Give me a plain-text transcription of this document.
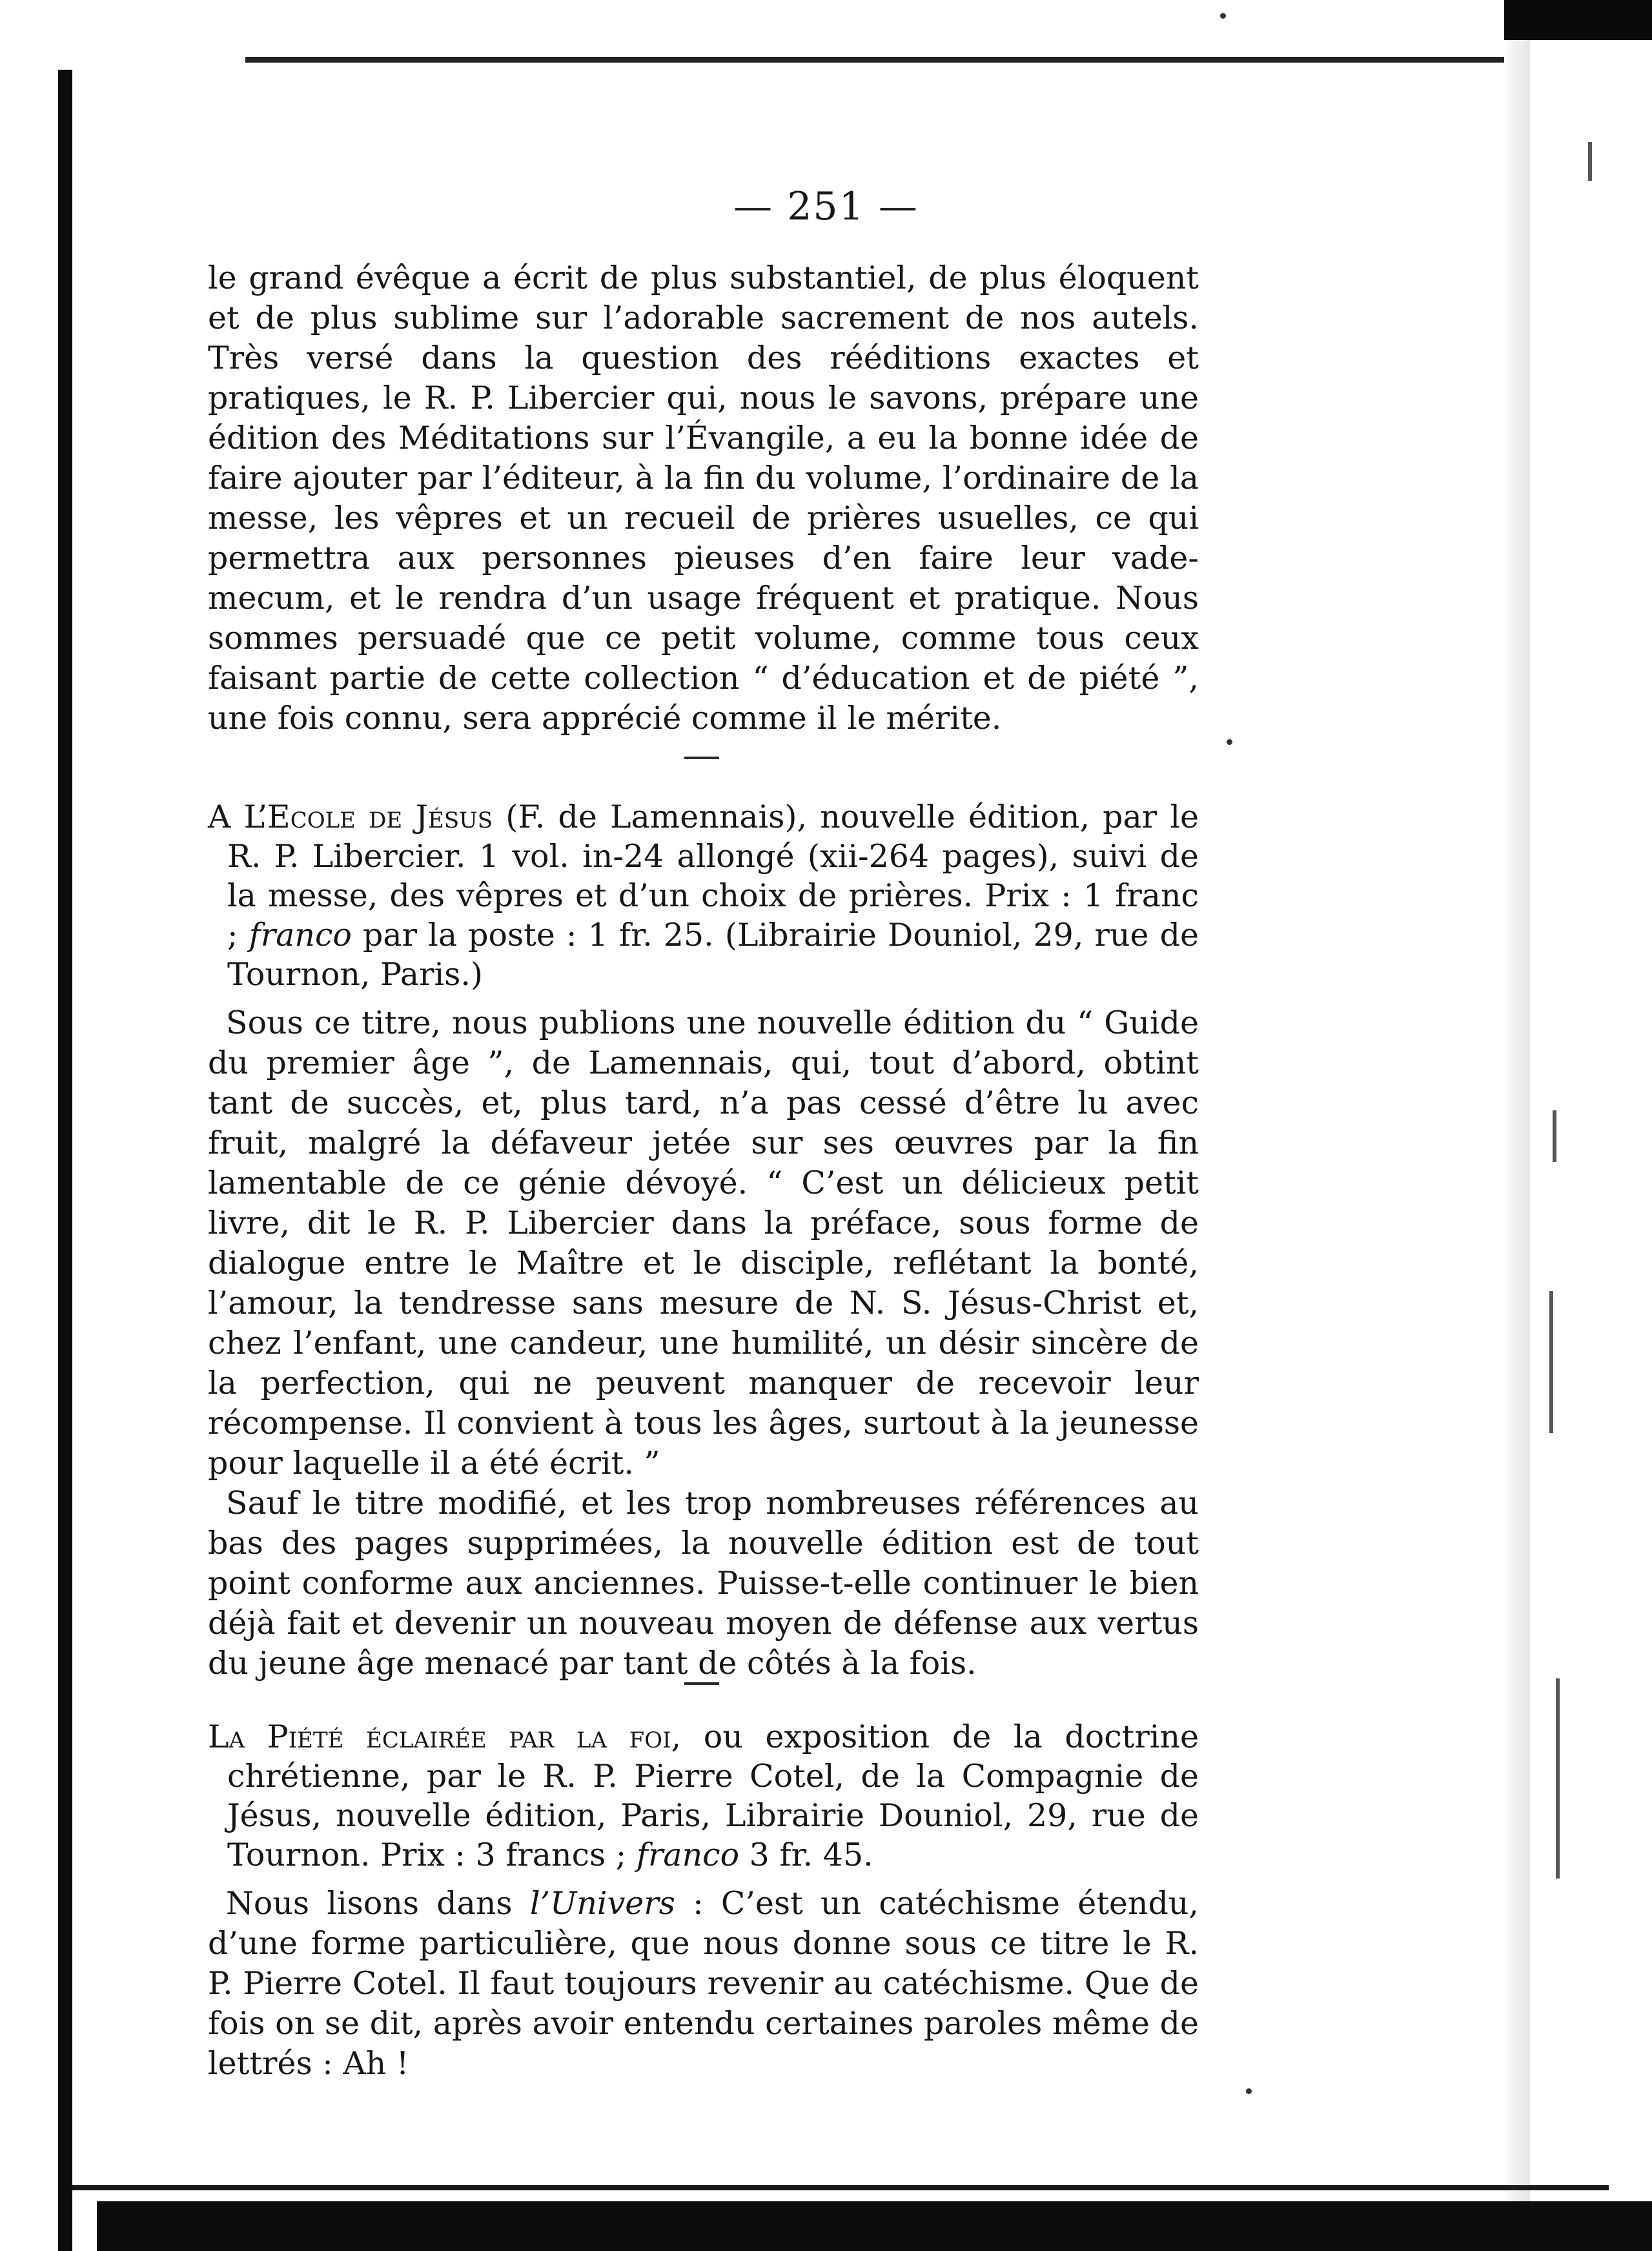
— 251 —

le grand évêque a écrit de plus substantiel, de plus éloquent et de plus sublime sur l’adorable sacrement de nos autels. Très versé dans la question des rééditions exactes et pratiques, le R. P. Libercier qui, nous le savons, prépare une édition des Méditations sur l’Évangile, a eu la bonne idée de faire ajouter par l’éditeur, à la fin du volume, l’ordinaire de la messe, les vêpres et un recueil de prières usuelles, ce qui permettra aux personnes pieuses d’en faire leur vade-mecum, et le rendra d’un usage fréquent et pratique. Nous sommes persuadé que ce petit volume, comme tous ceux faisant partie de cette collection “ d’éducation et de piété ”, une fois connu, sera apprécié comme il le mérite.

A L’Ecole de Jésus (F. de Lamennais), nouvelle édition, par le R. P. Libercier. 1 vol. in-24 allongé (xii-264 pages), suivi de la messe, des vêpres et d’un choix de prières. Prix : 1 franc ; franco par la poste : 1 fr. 25. (Librairie Douniol, 29, rue de Tournon, Paris.)

Sous ce titre, nous publions une nouvelle édition du “ Guide du premier âge ”, de Lamennais, qui, tout d’abord, obtint tant de succès, et, plus tard, n’a pas cessé d’être lu avec fruit, malgré la défaveur jetée sur ses œuvres par la fin lamentable de ce génie dévoyé. “ C’est un délicieux petit livre, dit le R. P. Libercier dans la préface, sous forme de dialogue entre le Maître et le disciple, reflétant la bonté, l’amour, la tendresse sans mesure de N. S. Jésus-Christ et, chez l’enfant, une candeur, une humilité, un désir sincère de la perfection, qui ne peuvent manquer de recevoir leur récompense. Il convient à tous les âges, surtout à la jeunesse pour laquelle il a été écrit. ”

Sauf le titre modifié, et les trop nombreuses références au bas des pages supprimées, la nouvelle édition est de tout point conforme aux anciennes. Puisse-t-elle continuer le bien déjà fait et devenir un nouveau moyen de défense aux vertus du jeune âge menacé par tant de côtés à la fois.

La Piété éclairée par la foi, ou exposition de la doctrine chrétienne, par le R. P. Pierre Cotel, de la Compagnie de Jésus, nouvelle édition, Paris, Librairie Douniol, 29, rue de Tournon. Prix : 3 francs ; franco 3 fr. 45.

Nous lisons dans l’Univers : C’est un catéchisme étendu, d’une forme particulière, que nous donne sous ce titre le R. P. Pierre Cotel. Il faut toujours revenir au catéchisme. Que de fois on se dit, après avoir entendu certaines paroles même de lettrés : Ah !
